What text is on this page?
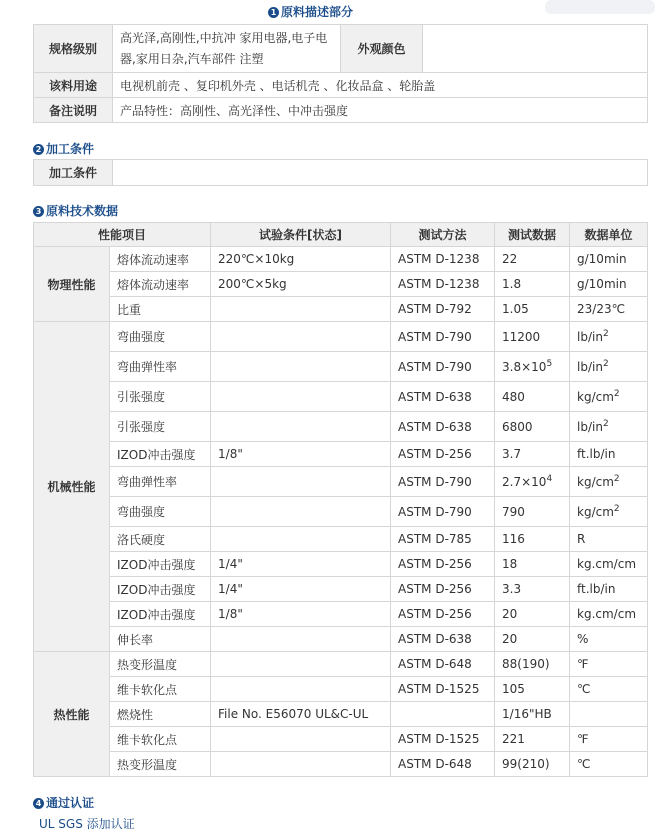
1 原料描述部分
规格级别	高光泽,高刚性,中抗冲 家用电器,电子电器,家用日杂,汽车部件 注塑	外观颜色	
该料用途	电视机前壳 、复印机外壳 、电话机壳 、化妆品盒 、轮胎盖		
备注说明	产品特性：高刚性、高光泽性、中冲击强度		
2 加工条件
加工条件	
3 原料技术数据
性能项目		试验条件[状态]	测试方法	测试数据	数据单位
物理性能	熔体流动速率	220℃×10kg	ASTM D-1238	22	g/10min
	熔体流动速率	200℃×5kg	ASTM D-1238	1.8	g/10min
	比重		ASTM D-792	1.05	23/23℃
机械性能	弯曲强度		ASTM D-790	11200	$lb/in^2$
	弯曲弹性率		ASTM D-790	$3.8\times 10^5$	$lb/in^2$
	引张强度		ASTM D-638	480	$kg/cm^2$
	引张强度		ASTM D-638	6800	$lb/in^2$
	IZOD冲击强度	1/8"	ASTM D-256	3.7	ft.lb/in
	弯曲弹性率		ASTM D-790	$2.7\times 10^4$	$kg/cm^2$
	弯曲强度		ASTM D-790	790	$kg/cm^2$
	洛氏硬度		ASTM D-785	116	R
	IZOD冲击强度	1/4"	ASTM D-256	18	kg.cm/cm
	IZOD冲击强度	1/4"	ASTM D-256	3.3	ft.lb/in
	IZOD冲击强度	1/8"	ASTM D-256	20	kg.cm/cm
	伸长率		ASTM D-638	20	%
热性能	热变形温度		ASTM D-648	88(190)	℉
	维卡软化点		ASTM D-1525	105	℃
	燃烧性	File No. E56070 UL&C-UL		1/16"HB	
	维卡软化点		ASTM D-1525	221	℉
	热变形温度		ASTM D-648	99(210)	℃
4 通过认证
UL SGS 添加认证
